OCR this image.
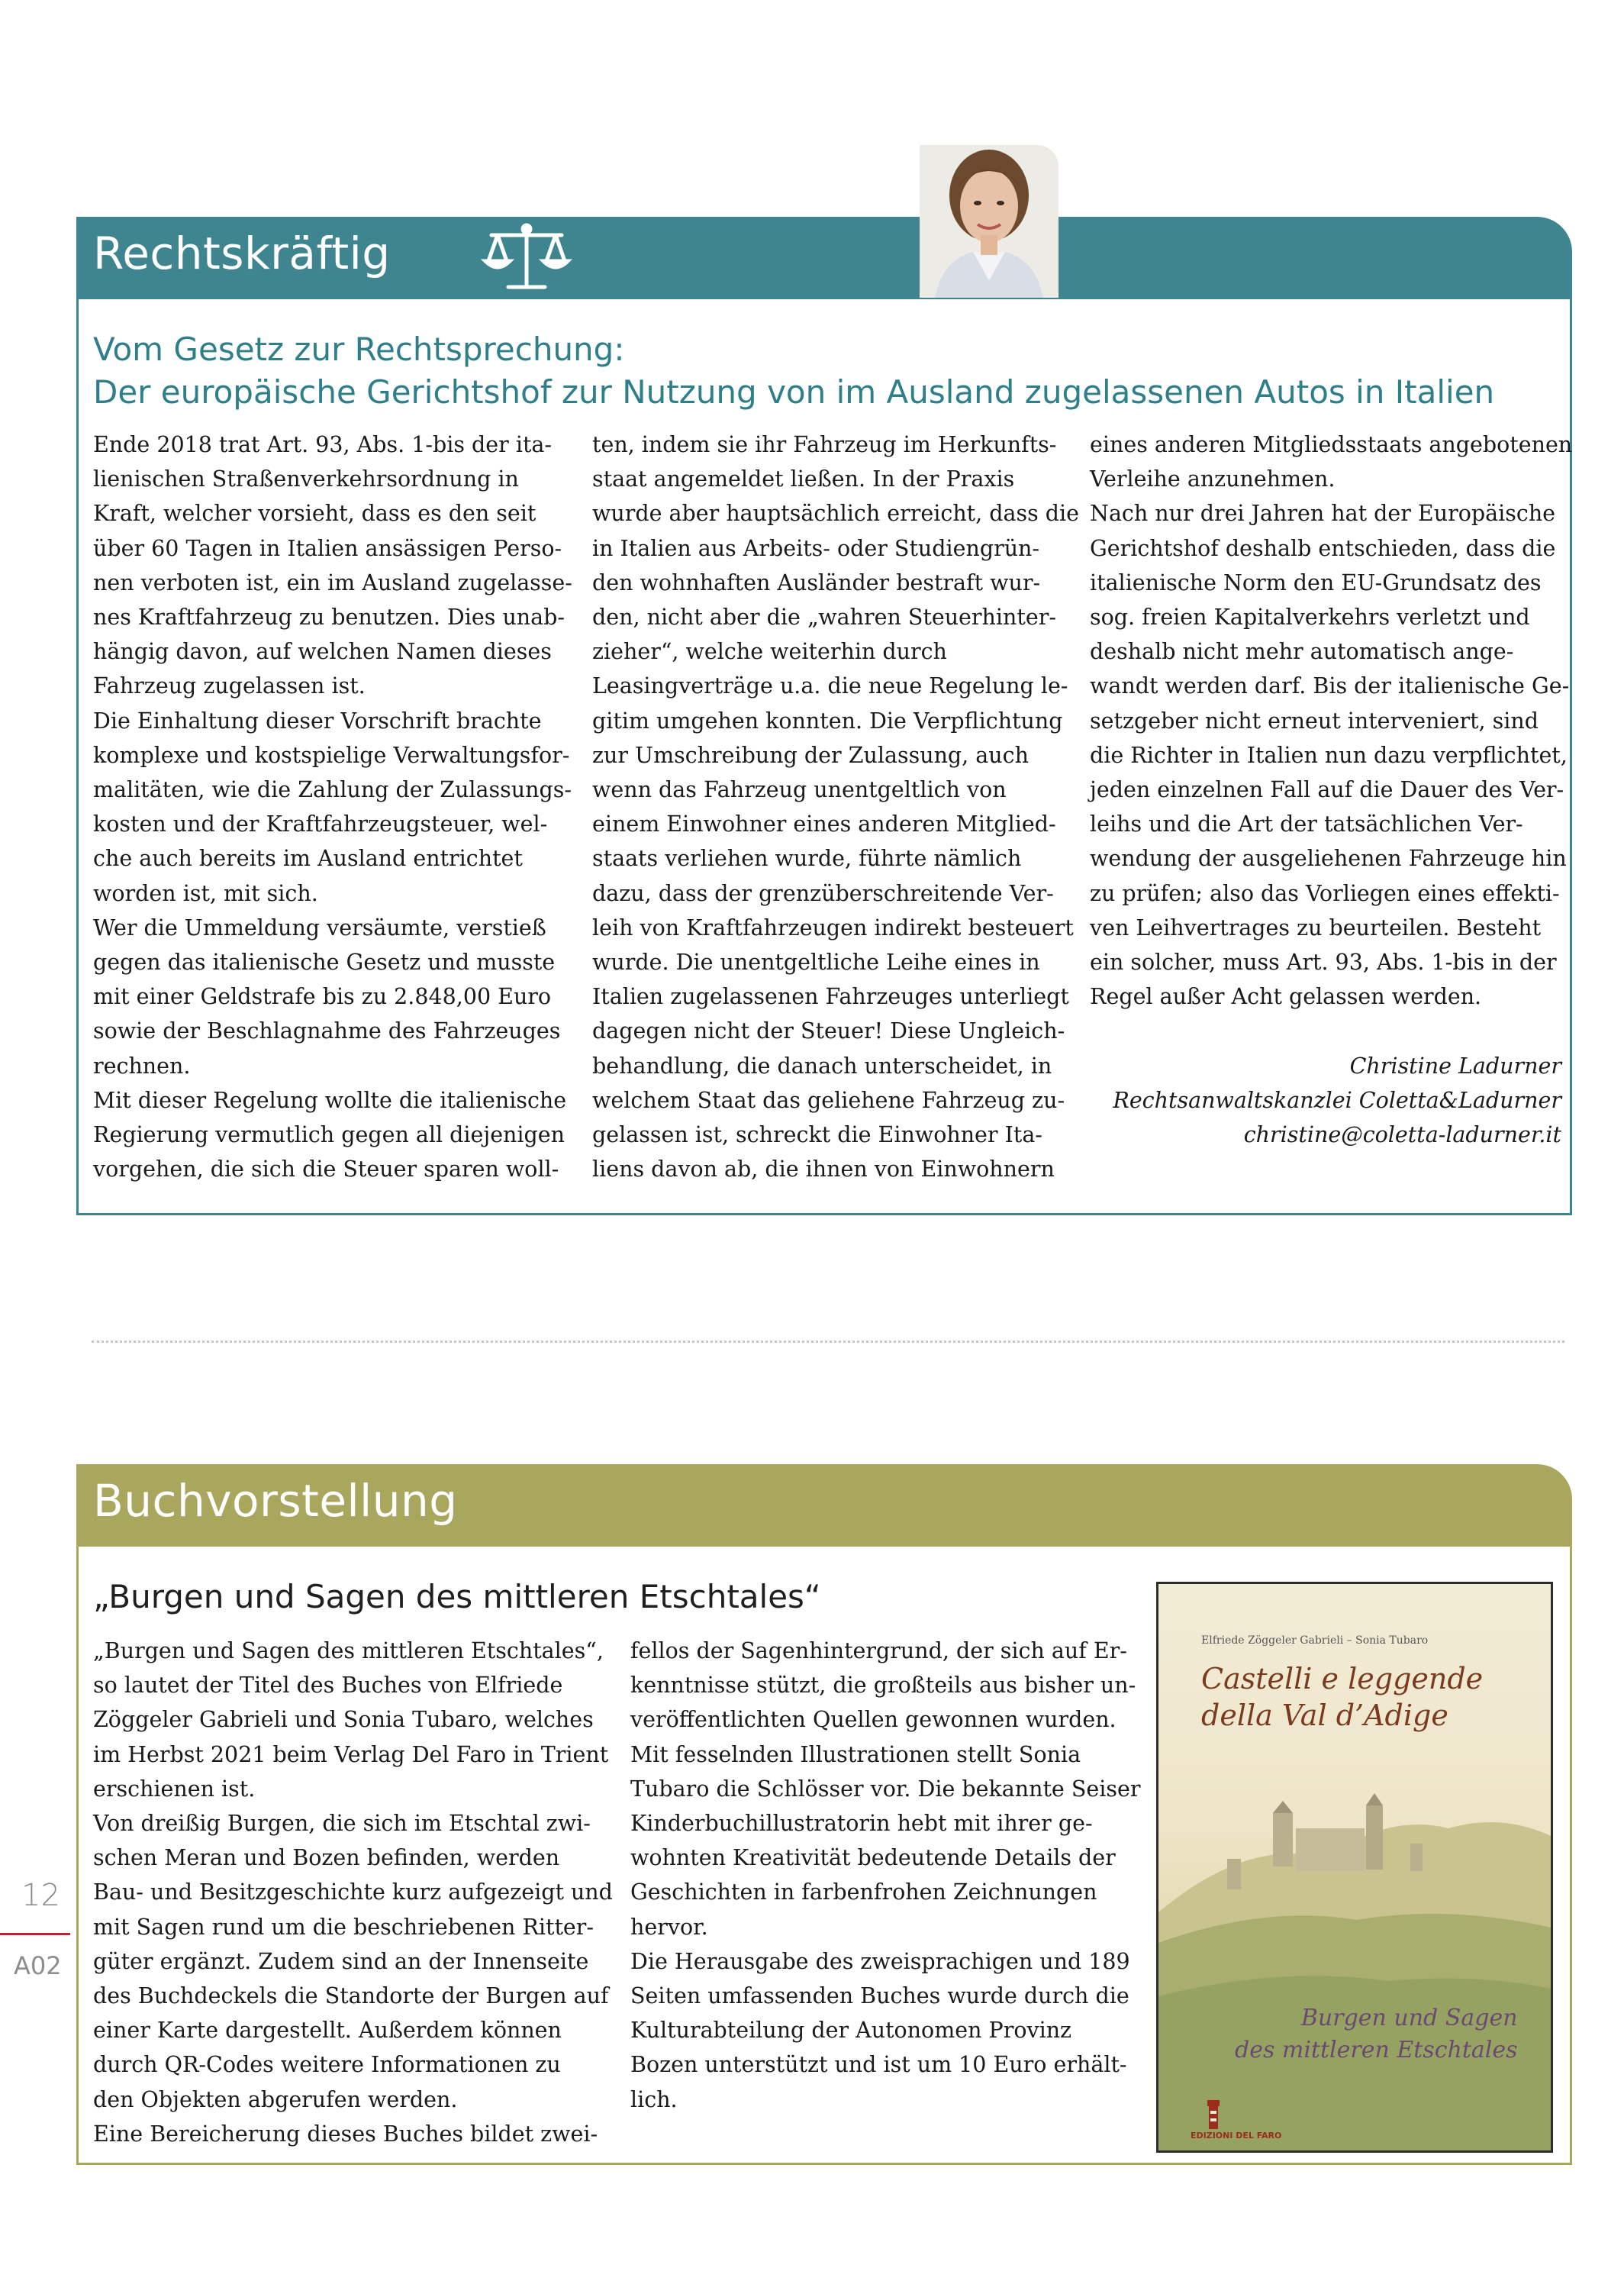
Rechtskräftig
Vom Gesetz zur Rechtsprechung:
Der europäische Gerichtshof zur Nutzung von im Ausland zugelassenen Autos in Italien
Ende 2018 trat Art. 93, Abs. 1-bis der ita-
lienischen Straßenverkehrsordnung in
Kraft, welcher vorsieht, dass es den seit
über 60 Tagen in Italien ansässigen Perso-
nen verboten ist, ein im Ausland zugelasse-
nes Kraftfahrzeug zu benutzen. Dies unab-
hängig davon, auf welchen Namen dieses
Fahrzeug zugelassen ist.
Die Einhaltung dieser Vorschrift brachte
komplexe und kostspielige Verwaltungsfor-
malitäten, wie die Zahlung der Zulassungs-
kosten und der Kraftfahrzeugsteuer, wel-
che auch bereits im Ausland entrichtet
worden ist, mit sich.
Wer die Ummeldung versäumte, verstieß
gegen das italienische Gesetz und musste
mit einer Geldstrafe bis zu 2.848,00 Euro
sowie der Beschlagnahme des Fahrzeuges
rechnen.
Mit dieser Regelung wollte die italienische
Regierung vermutlich gegen all diejenigen
vorgehen, die sich die Steuer sparen woll-
ten, indem sie ihr Fahrzeug im Herkunfts-
staat angemeldet ließen. In der Praxis
wurde aber hauptsächlich erreicht, dass die
in Italien aus Arbeits- oder Studiengrün-
den wohnhaften Ausländer bestraft wur-
den, nicht aber die „wahren Steuerhinter-
zieher“, welche weiterhin durch
Leasingverträge u.a. die neue Regelung le-
gitim umgehen konnten. Die Verpflichtung
zur Umschreibung der Zulassung, auch
wenn das Fahrzeug unentgeltlich von
einem Einwohner eines anderen Mitglied-
staats verliehen wurde, führte nämlich
dazu, dass der grenzüberschreitende Ver-
leih von Kraftfahrzeugen indirekt besteuert
wurde. Die unentgeltliche Leihe eines in
Italien zugelassenen Fahrzeuges unterliegt
dagegen nicht der Steuer! Diese Ungleich-
behandlung, die danach unterscheidet, in
welchem Staat das geliehene Fahrzeug zu-
gelassen ist, schreckt die Einwohner Ita-
liens davon ab, die ihnen von Einwohnern
eines anderen Mitgliedsstaats angebotenen
Verleihe anzunehmen.
Nach nur drei Jahren hat der Europäische
Gerichtshof deshalb entschieden, dass die
italienische Norm den EU-Grundsatz des
sog. freien Kapitalverkehrs verletzt und
deshalb nicht mehr automatisch ange-
wandt werden darf. Bis der italienische Ge-
setzgeber nicht erneut interveniert, sind
die Richter in Italien nun dazu verpflichtet,
jeden einzelnen Fall auf die Dauer des Ver-
leihs und die Art der tatsächlichen Ver-
wendung der ausgeliehenen Fahrzeuge hin
zu prüfen; also das Vorliegen eines effekti-
ven Leihvertrages zu beurteilen. Besteht
ein solcher, muss Art. 93, Abs. 1-bis in der
Regel außer Acht gelassen werden.
Christine Ladurner
Rechtsanwaltskanzlei Coletta&Ladurner
christine@coletta-ladurner.it
Buchvorstellung
„Burgen und Sagen des mittleren Etschtales“
„Burgen und Sagen des mittleren Etschtales“,
so lautet der Titel des Buches von Elfriede
Zöggeler Gabrieli und Sonia Tubaro, welches
im Herbst 2021 beim Verlag Del Faro in Trient
erschienen ist.
Von dreißig Burgen, die sich im Etschtal zwi-
schen Meran und Bozen befinden, werden
Bau- und Besitzgeschichte kurz aufgezeigt und
mit Sagen rund um die beschriebenen Ritter-
güter ergänzt. Zudem sind an der Innenseite
des Buchdeckels die Standorte der Burgen auf
einer Karte dargestellt. Außerdem können
durch QR-Codes weitere Informationen zu
den Objekten abgerufen werden.
Eine Bereicherung dieses Buches bildet zwei-
fellos der Sagenhintergrund, der sich auf Er-
kenntnisse stützt, die großteils aus bisher un-
veröffentlichten Quellen gewonnen wurden.
Mit fesselnden Illustrationen stellt Sonia
Tubaro die Schlösser vor. Die bekannte Seiser
Kinderbuchillustratorin hebt mit ihrer ge-
wohnten Kreativität bedeutende Details der
Geschichten in farbenfrohen Zeichnungen
hervor.
Die Herausgabe des zweisprachigen und 189
Seiten umfassenden Buches wurde durch die
Kulturabteilung der Autonomen Provinz
Bozen unterstützt und ist um 10 Euro erhält-
lich.
Elfriede Zöggeler Gabrieli – Sonia Tubaro
Castelli e leggende
della Val d’Adige
Burgen und Sagen
des mittleren Etschtales
EDIZIONI DEL FARO
12
A02
